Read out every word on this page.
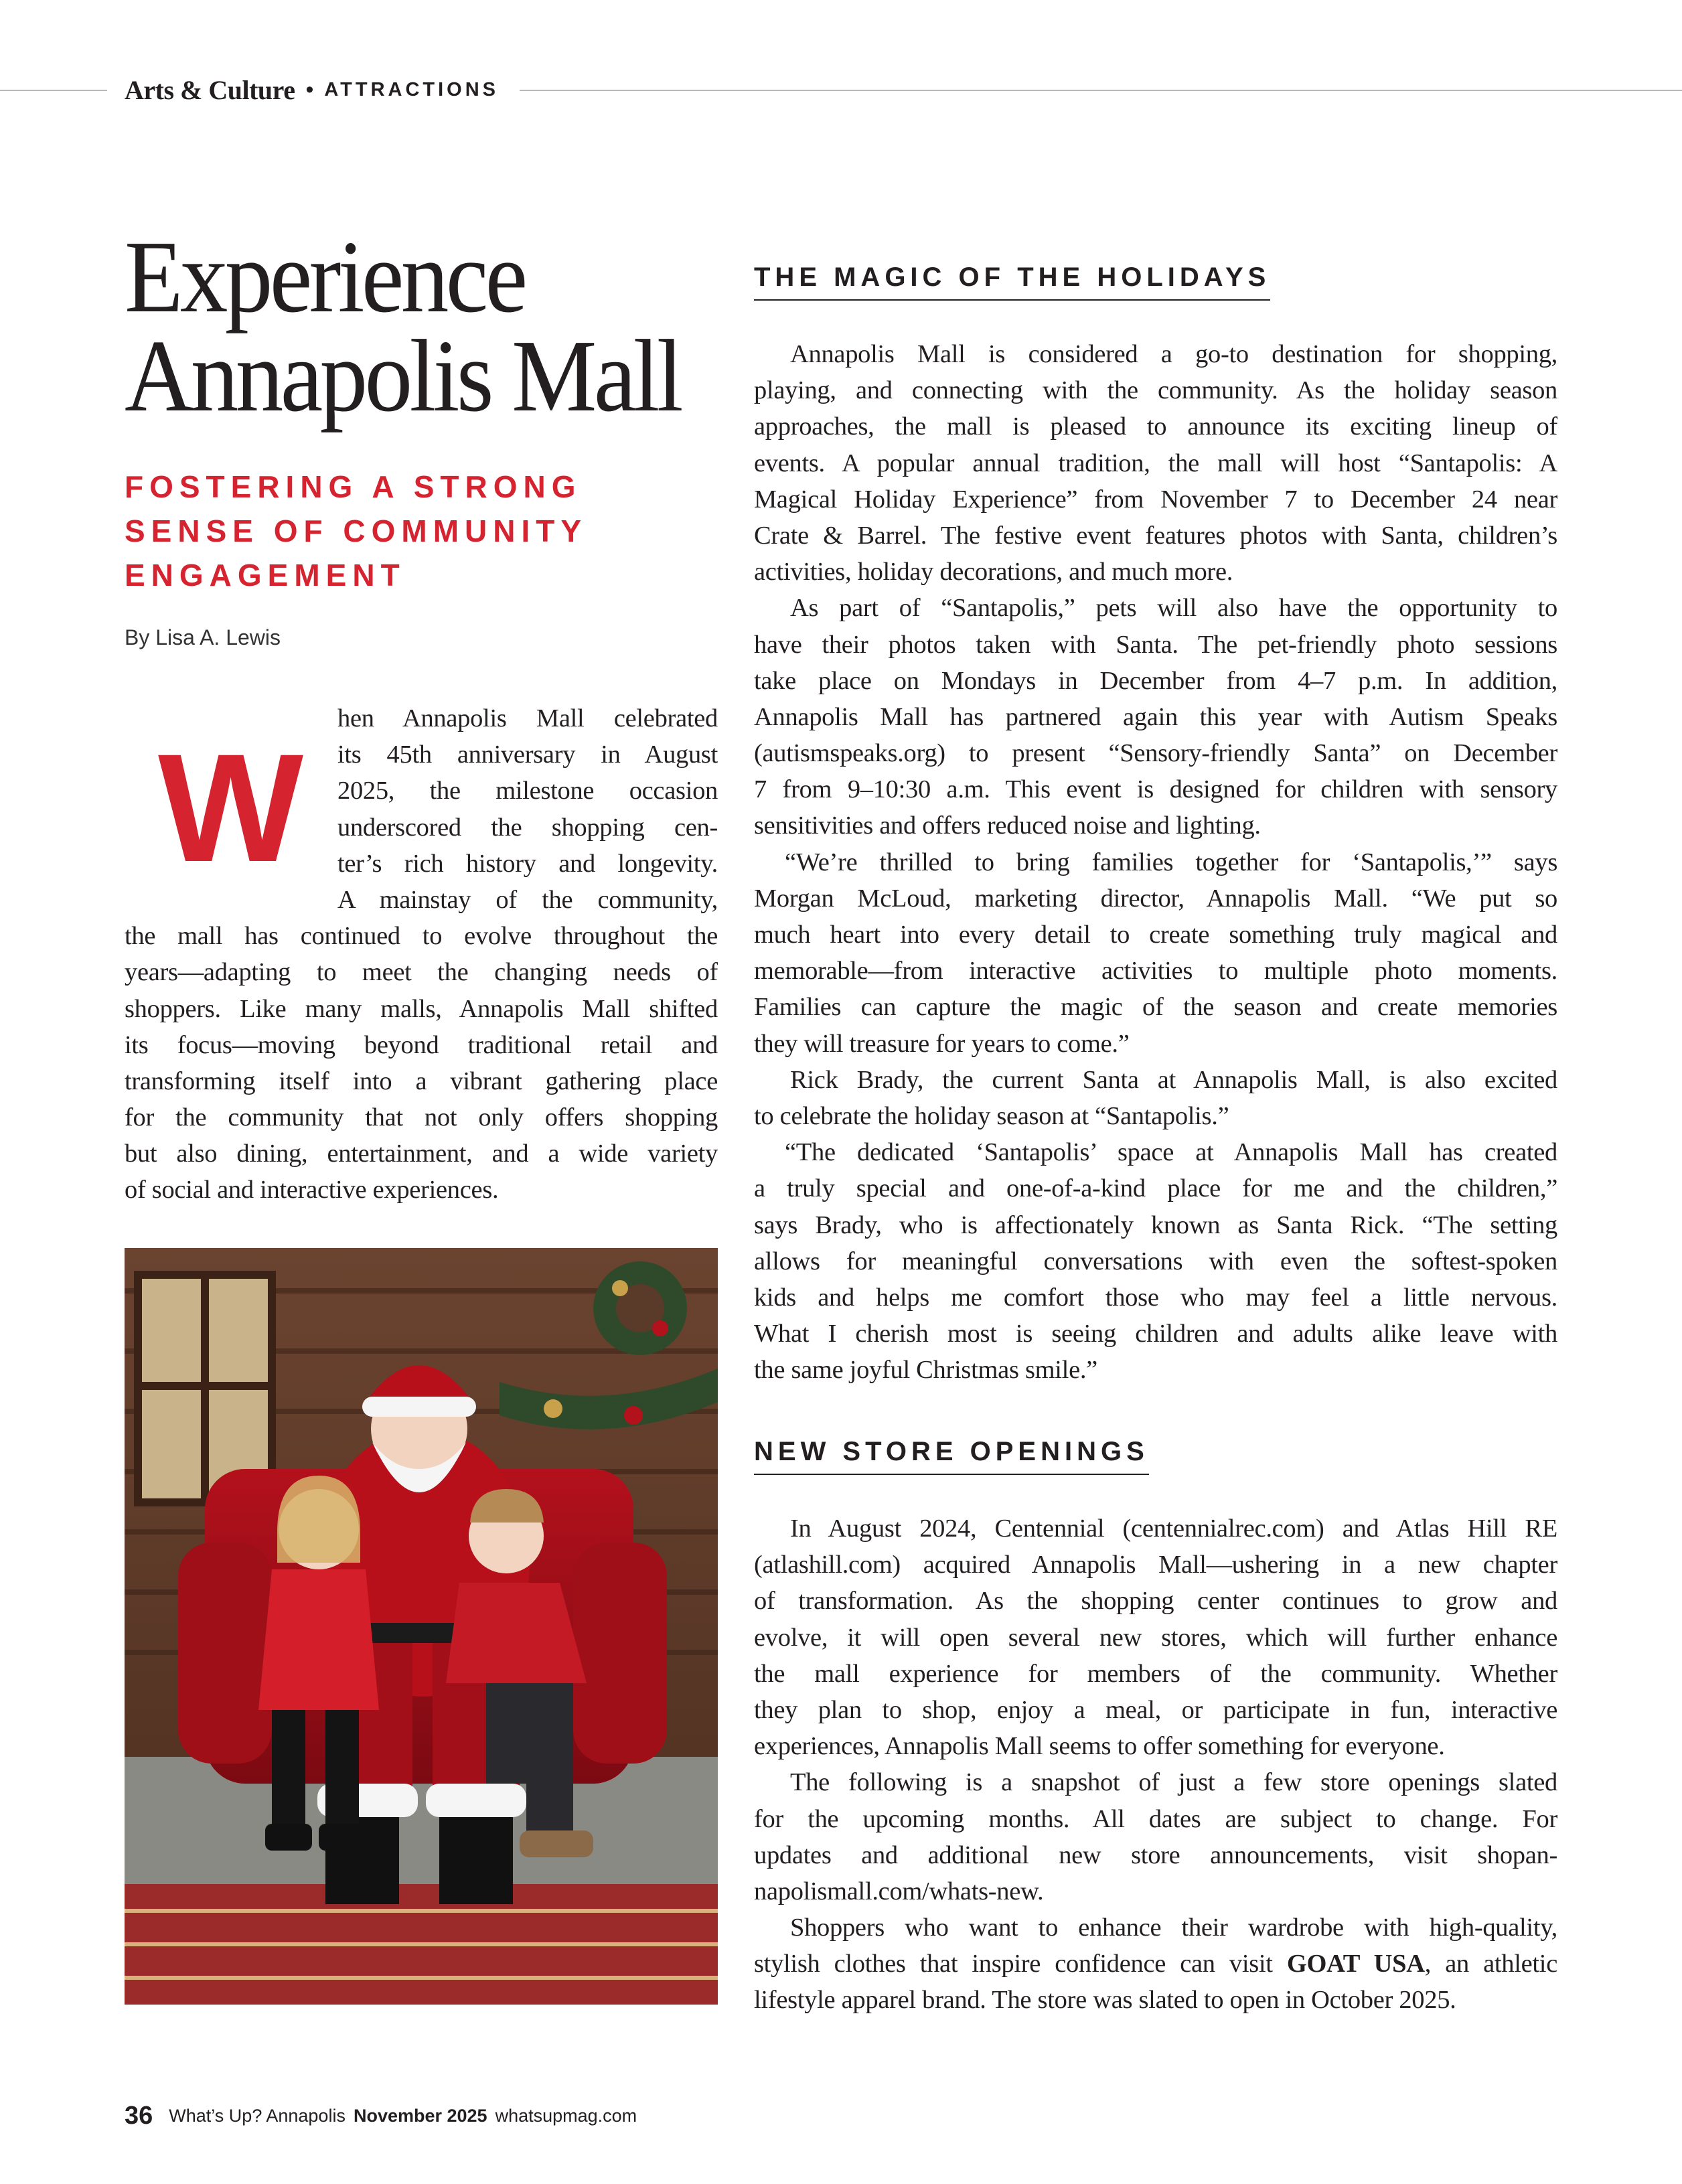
Arts & Culture • ATTRACTIONS
Experience
Annapolis Mall
FOSTERING A STRONG
SENSE OF COMMUNITY
ENGAGEMENT
By Lisa A. Lewis
W
hen Annapolis Mall celebrated
its 45th anniversary in August
2025, the milestone occasion
underscored the shopping cen-
ter’s rich history and longevity.
A mainstay of the community,
the mall has continued to evolve throughout the
years—adapting to meet the changing needs of
shoppers. Like many malls, Annapolis Mall shifted
its focus—moving beyond traditional retail and
transforming itself into a vibrant gathering place
for the community that not only offers shopping
but also dining, entertainment, and a wide variety
of social and interactive experiences.
THE MAGIC OF THE HOLIDAYS
Annapolis Mall is considered a go-to destination for shopping,
playing, and connecting with the community. As the holiday season
approaches, the mall is pleased to announce its exciting lineup of
events. A popular annual tradition, the mall will host “Santapolis: A
Magical Holiday Experience” from November 7 to December 24 near
Crate & Barrel. The festive event features photos with Santa, children’s
activities, holiday decorations, and much more.
As part of “Santapolis,” pets will also have the opportunity to
have their photos taken with Santa. The pet-friendly photo sessions
take place on Mondays in December from 4–7 p.m. In addition,
Annapolis Mall has partnered again this year with Autism Speaks
(autismspeaks.org) to present “Sensory-friendly Santa” on December
7 from 9–10:30 a.m. This event is designed for children with sensory
sensitivities and offers reduced noise and lighting.
“We’re thrilled to bring families together for ‘Santapolis,’” says
Morgan McLoud, marketing director, Annapolis Mall. “We put so
much heart into every detail to create something truly magical and
memorable—from interactive activities to multiple photo moments.
Families can capture the magic of the season and create memories
they will treasure for years to come.”
Rick Brady, the current Santa at Annapolis Mall, is also excited
to celebrate the holiday season at “Santapolis.”
“The dedicated ‘Santapolis’ space at Annapolis Mall has created
a truly special and one-of-a-kind place for me and the children,”
says Brady, who is affectionately known as Santa Rick. “The setting
allows for meaningful conversations with even the softest-spoken
kids and helps me comfort those who may feel a little nervous.
What I cherish most is seeing children and adults alike leave with
the same joyful Christmas smile.”
NEW STORE OPENINGS
In August 2024, Centennial (centennialrec.com) and Atlas Hill RE
(atlashill.com) acquired Annapolis Mall—ushering in a new chapter
of transformation. As the shopping center continues to grow and
evolve, it will open several new stores, which will further enhance
the mall experience for members of the community. Whether
they plan to shop, enjoy a meal, or participate in fun, interactive
experiences, Annapolis Mall seems to offer something for everyone.
The following is a snapshot of just a few store openings slated
for the upcoming months. All dates are subject to change. For
updates and additional new store announcements, visit shopan-
napolismall.com/whats-new.
Shoppers who want to enhance their wardrobe with high-quality,
stylish clothes that inspire confidence can visit GOAT USA, an athletic
lifestyle apparel brand. The store was slated to open in October 2025.
36 What’s Up? Annapolis November 2025 whatsupmag.com
